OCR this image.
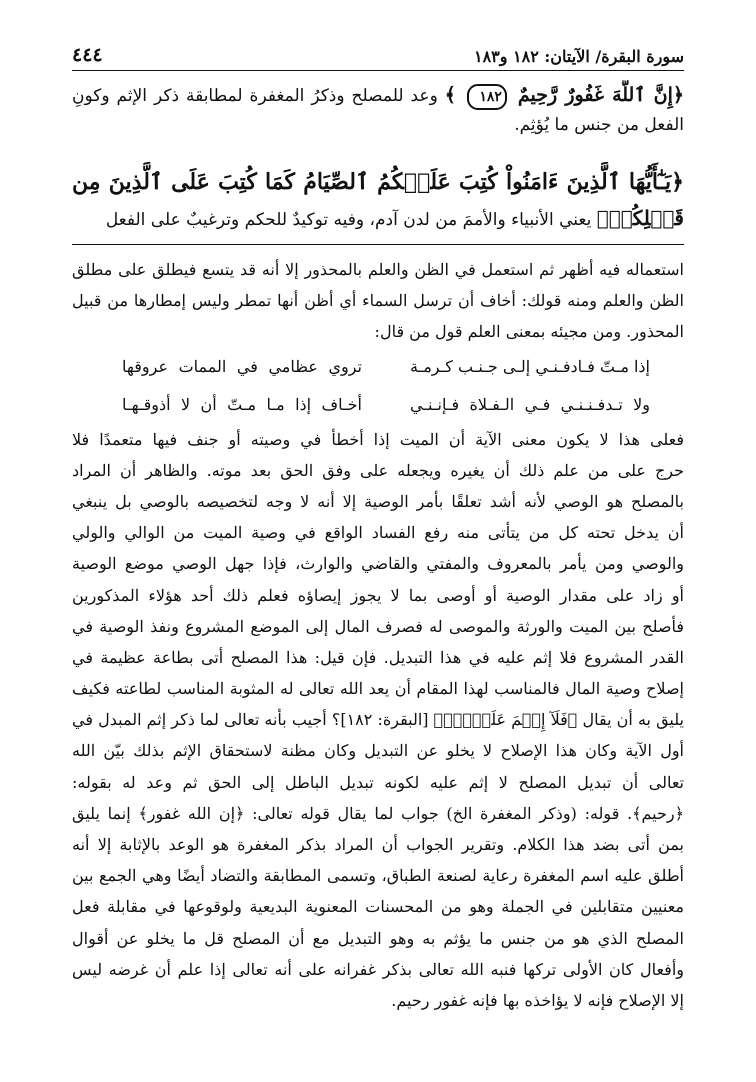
سورة البقرة/ الآيتان: ١٨٢ و١٨٣
٤٤٤
﴿إِنَّ ٱللَّهَ غَفُورٌ رَّحِيمٌ ١٨٢ ﴾ وعد للمصلح وذكرُ المغفرة لمطابقة ذكر الإثم وكونِ
الفعل من جنس ما يُؤثِم.
﴿يَـٰٓأَيُّهَا ٱلَّذِينَ ءَامَنُواْ كُتِبَ عَلَيۡكُمُ ٱلصِّيَامُ كَمَا كُتِبَ عَلَى ٱلَّذِينَ مِن
قَبۡلِكُمۡ﴾ يعني الأنبياء والأممَ من لدن آدم، وفيه توكيدٌ للحكم وترغيبٌ على الفعل
استعماله فيه أظهر ثم استعمل في الظن والعلم بالمحذور إلا أنه قد يتسع فيطلق على مطلق
الظن والعلم ومنه قولك: أخاف أن ترسل السماء أي أظن أنها تمطر وليس إمطارها من قبيل
المحذور. ومن مجيئه بمعنى العلم قول من قال:
إذا مـتّ فـادفـنـي إلـى جـنـب كـرمـة
تروي عظامي في الممات عروقها
ولا تـدفـنـنـي فـي الـفـلاة فـإنـنـي
أخـاف إذا مـا مـتّ أن لا أذوقـهـا
فعلى هذا لا يكون معنى الآية أن الميت إذا أخطأ في وصيته أو جنف فيها متعمدًا فلا
حرج على من علم ذلك أن يغيره ويجعله على وفق الحق بعد موته. والظاهر أن المراد
بالمصلح هو الوصي لأنه أشد تعلقًا بأمر الوصية إلا أنه لا وجه لتخصيصه بالوصي بل ينبغي
أن يدخل تحته كل من يتأتى منه رفع الفساد الواقع في وصية الميت من الوالي والولي
والوصي ومن يأمر بالمعروف والمفتي والقاضي والوارث، فإذا جهل الوصي موضع الوصية
أو زاد على مقدار الوصية أو أوصى بما لا يجوز إيصاؤه فعلم ذلك أحد هؤلاء المذكورين
فأصلح بين الميت والورثة والموصى له فصرف المال إلى الموضع المشروع ونفذ الوصية في
القدر المشروع فلا إثم عليه في هذا التبديل. فإن قيل: هذا المصلح أتى بطاعة عظيمة في
إصلاح وصية المال فالمناسب لهذا المقام أن يعد الله تعالى له المثوبة المناسب لطاعته فكيف
يليق به أن يقال ﴿فَلَآ إِثۡمَ عَلَيۡهِۚ﴾ [البقرة: ١٨٢]؟ أجيب بأنه تعالى لما ذكر إثم المبدل في
أول الآية وكان هذا الإصلاح لا يخلو عن التبديل وكان مظنة لاستحقاق الإثم بذلك بيّن الله
تعالى أن تبديل المصلح لا إثم عليه لكونه تبديل الباطل إلى الحق ثم وعد له بقوله:
﴿رحيم﴾. قوله: (وذكر المغفرة الخ) جواب لما يقال قوله تعالى: ﴿إن الله غفور﴾ إنما يليق
بمن أتى بضد هذا الكلام. وتقرير الجواب أن المراد بذكر المغفرة هو الوعد بالإثابة إلا أنه
أطلق عليه اسم المغفرة رعاية لصنعة الطباق، وتسمى المطابقة والتضاد أيضًا وهي الجمع بين
معنيين متقابلين في الجملة وهو من المحسنات المعنوية البديعية ولوقوعها في مقابلة فعل
المصلح الذي هو من جنس ما يؤثم به وهو التبديل مع أن المصلح قل ما يخلو عن أقوال
وأفعال كان الأولى تركها فنبه الله تعالى بذكر غفرانه على أنه تعالى إذا علم أن غرضه ليس
إلا الإصلاح فإنه لا يؤاخذه بها فإنه غفور رحيم.
